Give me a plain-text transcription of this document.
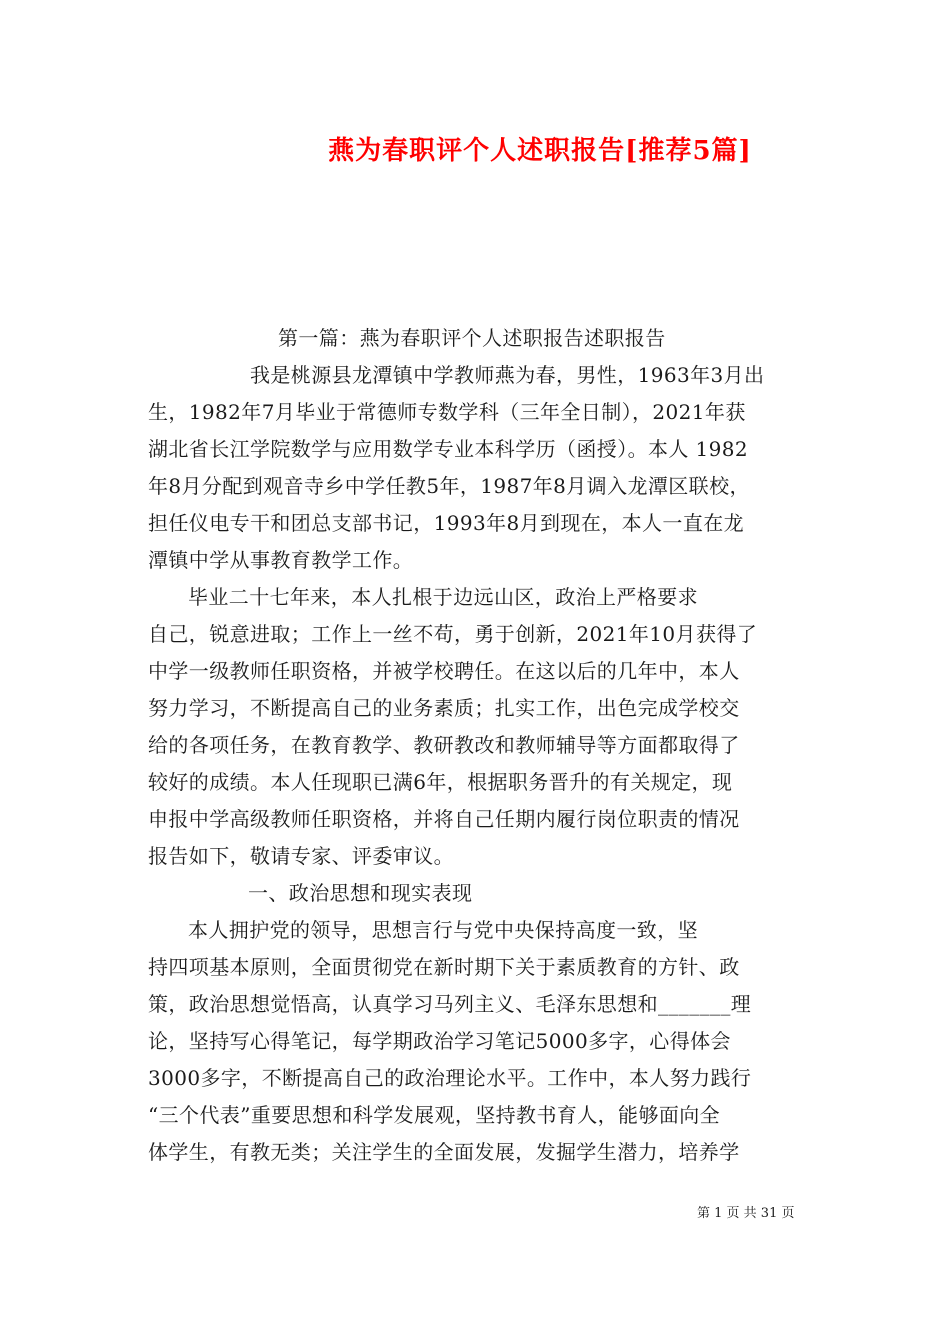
燕为春职评个人述职报告[推荐5篇]

第一篇：燕为春职评个人述职报告述职报告

　　　　　我是桃源县龙潭镇中学教师燕为春，男性，1963年3月出
生，1982年7月毕业于常德师专数学科（三年全日制），2021年获
湖北省长江学院数学与应用数学专业本科学历（函授）。本人 1982
年8月分配到观音寺乡中学任教5年，1987年8月调入龙潭区联校，
担任仪电专干和团总支部书记，1993年8月到现在，本人一直在龙
潭镇中学从事教育教学工作。

毕业二十七年来，本人扎根于边远山区，政治上严格要求
自己，锐意进取；工作上一丝不苟，勇于创新，2021年10月获得了
中学一级教师任职资格，并被学校聘任。在这以后的几年中，本人
努力学习，不断提高自己的业务素质；扎实工作，出色完成学校交
给的各项任务，在教育教学、教研教改和教师辅导等方面都取得了
较好的成绩。本人任现职已满6年，根据职务晋升的有关规定，现
申报中学高级教师任职资格，并将自己任期内履行岗位职责的情况
报告如下，敬请专家、评委审议。

一、政治思想和现实表现

本人拥护党的领导，思想言行与党中央保持高度一致，坚
持四项基本原则，全面贯彻党在新时期下关于素质教育的方针、政
策，政治思想觉悟高，认真学习马列主义、毛泽东思想和_______理
论，坚持写心得笔记，每学期政治学习笔记5000多字，心得体会
3000多字，不断提高自己的政治理论水平。工作中，本人努力践行
“三个代表”重要思想和科学发展观，坚持教书育人，能够面向全
体学生，有教无类；关注学生的全面发展，发掘学生潜力，培养学

第 1 页 共 31 页
